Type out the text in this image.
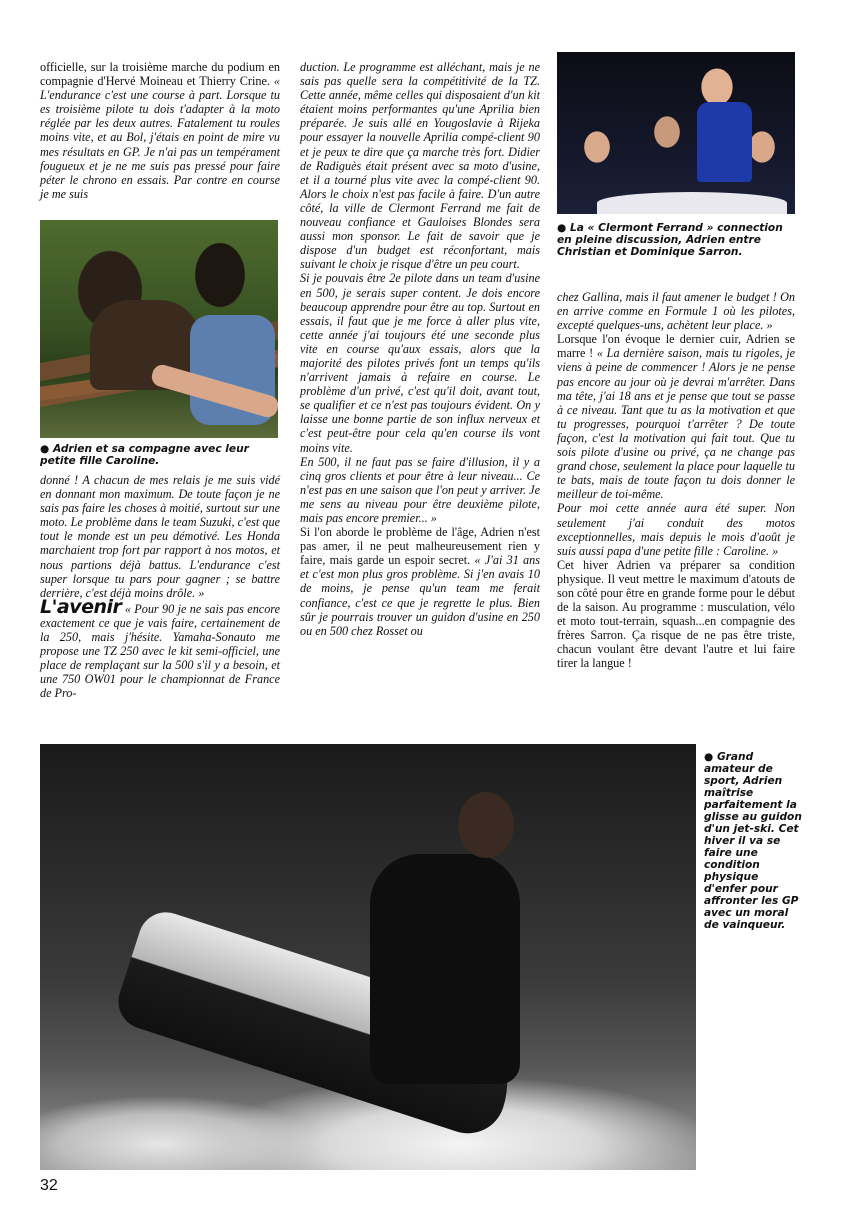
officielle, sur la troisième marche du podium en compagnie d'Hervé Moineau et Thierry Crine. « L'endurance c'est une course à part. Lorsque tu es troisième pilote tu dois t'adapter à la moto réglée par les deux autres. Fatalement tu roules moins vite, et au Bol, j'étais en point de mire vu mes résultats en GP. Je n'ai pas un tempérament fougueux et je ne me suis pas pressé pour faire péter le chrono en essais. Par contre en course je me suis

● Adrien et sa compagne avec leur petite fille Caroline.

donné ! A chacun de mes relais je me suis vidé en donnant mon maximum. De toute façon je ne sais pas faire les choses à moitié, surtout sur une moto. Le problème dans le team Suzuki, c'est que tout le monde est un peu démotivé. Les Honda marchaient trop fort par rapport à nos motos, et nous partions déjà battus. L'endurance c'est super lorsque tu pars pour gagner ; se battre derrière, c'est déjà moins drôle. »

L'avenir « Pour 90 je ne sais pas encore exactement ce que je vais faire, certainement de la 250, mais j'hésite. Yamaha-Sonauto me propose une TZ 250 avec le kit semi-officiel, une place de remplaçant sur la 500 s'il y a besoin, et une 750 OW01 pour le championnat de France de Pro-

duction. Le programme est alléchant, mais je ne sais pas quelle sera la compétitivité de la TZ. Cette année, même celles qui disposaient d'un kit étaient moins performantes qu'une Aprilia bien préparée. Je suis allé en Yougoslavie à Rijeka pour essayer la nouvelle Aprilia compé-client 90 et je peux te dire que ça marche très fort. Didier de Radiguès était présent avec sa moto d'usine, et il a tourné plus vite avec la compé-client 90. Alors le choix n'est pas facile à faire. D'un autre côté, la ville de Clermont Ferrand me fait de nouveau confiance et Gauloises Blondes sera aussi mon sponsor. Le fait de savoir que je dispose d'un budget est réconfortant, mais suivant le choix je risque d'être un peu court.

Si je pouvais être 2e pilote dans un team d'usine en 500, je serais super content. Je dois encore beaucoup apprendre pour être au top. Surtout en essais, il faut que je me force à aller plus vite, cette année j'ai toujours été une seconde plus vite en course qu'aux essais, alors que la majorité des pilotes privés font un temps qu'ils n'arrivent jamais à refaire en course. Le problème d'un privé, c'est qu'il doit, avant tout, se qualifier et ce n'est pas toujours évident. On y laisse une bonne partie de son influx nerveux et c'est peut-être pour cela qu'en course ils vont moins vite.

En 500, il ne faut pas se faire d'illusion, il y a cinq gros clients et pour être à leur niveau... Ce n'est pas en une saison que l'on peut y arriver. Je me sens au niveau pour être deuxième pilote, mais pas encore premier... »

Si l'on aborde le problème de l'âge, Adrien n'est pas amer, il ne peut malheureusement rien y faire, mais garde un espoir secret. « J'ai 31 ans et c'est mon plus gros problème. Si j'en avais 10 de moins, je pense qu'un team me ferait confiance, c'est ce que je regrette le plus. Bien sûr je pourrais trouver un guidon d'usine en 250 ou en 500 chez Rosset ou

● La « Clermont Ferrand » connection en pleine discussion, Adrien entre Christian et Dominique Sarron.

chez Gallina, mais il faut amener le budget ! On en arrive comme en Formule 1 où les pilotes, excepté quelques-uns, achètent leur place. »

Lorsque l'on évoque le dernier cuir, Adrien se marre ! « La dernière saison, mais tu rigoles, je viens à peine de commencer ! Alors je ne pense pas encore au jour où je devrai m'arrêter. Dans ma tête, j'ai 18 ans et je pense que tout se passe à ce niveau. Tant que tu as la motivation et que tu progresses, pourquoi t'arrêter ? De toute façon, c'est la motivation qui fait tout. Que tu sois pilote d'usine ou privé, ça ne change pas grand chose, seulement la place pour laquelle tu te bats, mais de toute façon tu dois donner le meilleur de toi-même.

Pour moi cette année aura été super. Non seulement j'ai conduit des motos exceptionnelles, mais depuis le mois d'août je suis aussi papa d'une petite fille : Caroline. »

Cet hiver Adrien va préparer sa condition physique. Il veut mettre le maximum d'atouts de son côté pour être en grande forme pour le début de la saison. Au programme : musculation, vélo et moto tout-terrain, squash...en compagnie des frères Sarron. Ça risque de ne pas être triste, chacun voulant être devant l'autre et lui faire tirer la langue !

● Grand amateur de sport, Adrien maîtrise parfaitement la glisse au guidon d'un jet-ski. Cet hiver il va se faire une condition physique d'enfer pour affronter les GP avec un moral de vainqueur.
32
